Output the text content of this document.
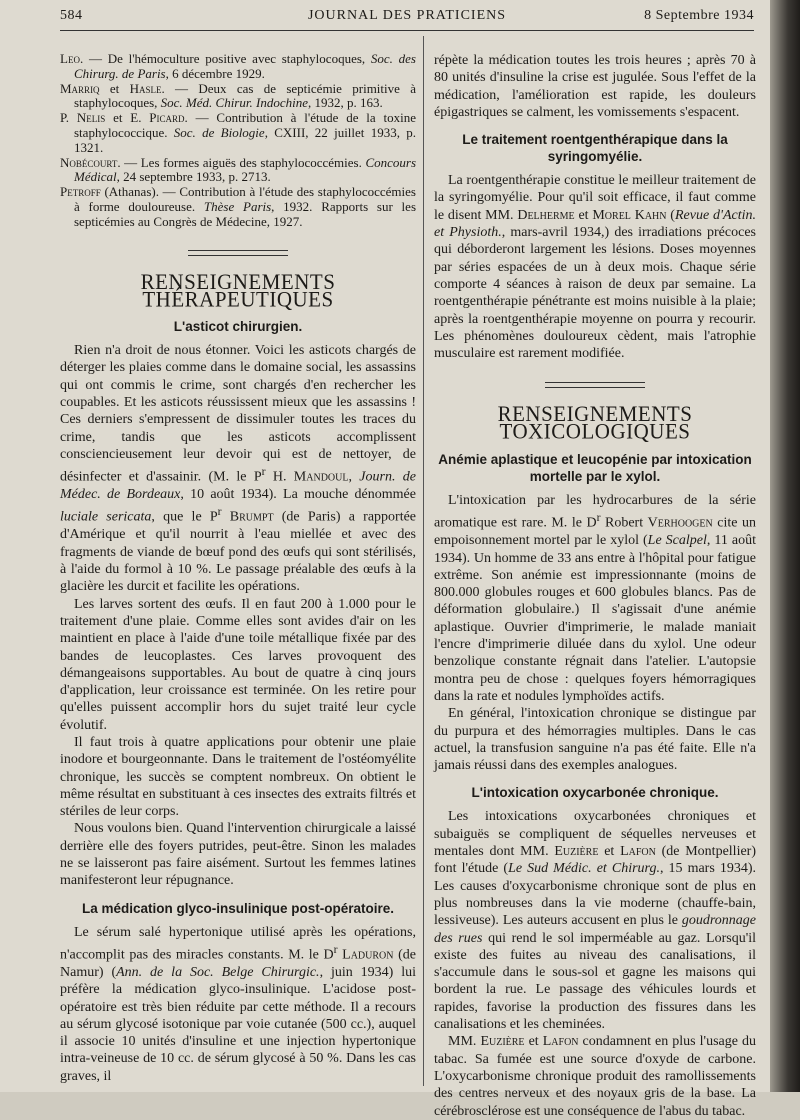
584	JOURNAL DES PRATICIENS	8 Septembre 1934

Leo. — De l'hémoculture positive avec staphylocoques, Soc. des Chirurg. de Paris, 6 décembre 1929.

Marriq et Hasle. — Deux cas de septicémie primitive à staphylocoques, Soc. Méd. Chirur. Indochine, 1932, p. 163.

P. Nelis et E. Picard. — Contribution à l'étude de la toxine staphylococcique. Soc. de Biologie, CXIII, 22 juillet 1933, p. 1321.

Nobécourt. — Les formes aiguës des staphylococcémies. Concours Médical, 24 septembre 1933, p. 2713.

Petroff (Athanas). — Contribution à l'étude des staphylococcémies à forme douloureuse. Thèse Paris, 1932. Rapports sur les septicémies au Congrès de Médecine, 1927.

RENSEIGNEMENTS THÉRAPEUTIQUES
L'asticot chirurgien.

Rien n'a droit de nous étonner. Voici les asticots chargés de déterger les plaies comme dans le domaine social, les assassins qui ont commis le crime, sont chargés d'en rechercher les coupables. Et les asticots réussissent mieux que les assassins ! Ces derniers s'empressent de dissimuler toutes les traces du crime, tandis que les asticots accomplissent consciencieusement leur devoir qui est de nettoyer, de désinfecter et d'assainir. (M. le $P^r$ H. Mandoul, Journ. de Médec. de Bordeaux, 10 août 1934). La mouche dénommée luciale sericata, que le $P^r$ Brumpt (de Paris) a rapportée d'Amérique et qu'il nourrit à l'eau miellée et avec des fragments de viande de bœuf pond des œufs qui sont stérilisés, à l'aide du formol à 10 %. Le passage préalable des œufs à la glacière les durcit et facilite les opérations.

Les larves sortent des œufs. Il en faut 200 à 1.000 pour le traitement d'une plaie. Comme elles sont avides d'air on les maintient en place à l'aide d'une toile métallique fixée par des bandes de leucoplastes. Ces larves provoquent des démangeaisons supportables. Au bout de quatre à cinq jours d'application, leur croissance est terminée. On les retire pour qu'elles puissent accomplir hors du sujet traité leur cycle évolutif.

Il faut trois à quatre applications pour obtenir une plaie inodore et bourgeonnante. Dans le traitement de l'ostéomyélite chronique, les succès se comptent nombreux. On obtient le même résultat en substituant à ces insectes des extraits filtrés et stériles de leur corps.

Nous voulons bien. Quand l'intervention chirurgicale a laissé derrière elle des foyers putrides, peut-être. Sinon les malades ne se laisseront pas faire aisément. Surtout les femmes latines manifesteront leur répugnance.

La médication glyco-insulinique post-opératoire.

Le sérum salé hypertonique utilisé après les opérations, n'accomplit pas des miracles constants. M. le $D^r$ Laduron (de Namur) (Ann. de la Soc. Belge Chirurgic., juin 1934) lui préfère la médication glyco-insulinique. L'acidose post-opératoire est très bien réduite par cette méthode. Il a recours au sérum glycosé isotonique par voie cutanée (500 cc.), auquel il associe 10 unités d'insuline et une injection hypertonique intra-veineuse de 10 cc. de sérum glycosé à 50 %. Dans les cas graves, il

répète la médication toutes les trois heures ; après 70 à 80 unités d'insuline la crise est jugulée. Sous l'effet de la médication, l'amélioration est rapide, les douleurs épigastriques se calment, les vomissements s'espacent.

Le traitement roentgenthérapique dans la syringomyélie.

La roentgenthérapie constitue le meilleur traitement de la syringomyélie. Pour qu'il soit efficace, il faut comme le disent MM. Delherme et Morel Kahn (Revue d'Actin. et Physioth., mars-avril 1934,) des irradiations précoces qui déborderont largement les lésions. Doses moyennes par séries espacées de un à deux mois. Chaque série comporte 4 séances à raison de deux par semaine. La roentgenthérapie pénétrante est moins nuisible à la plaie; après la roentgenthérapie moyenne on pourra y recourir. Les phénomènes douloureux cèdent, mais l'atrophie musculaire est rarement modifiée.

RENSEIGNEMENTS TOXICOLOGIQUES
Anémie aplastique et leucopénie par intoxication mortelle par le xylol.

L'intoxication par les hydrocarbures de la série aromatique est rare. M. le $D^r$ Robert Verhoogen cite un empoisonnement mortel par le xylol (Le Scalpel, 11 août 1934). Un homme de 33 ans entre à l'hôpital pour fatigue extrême. Son anémie est impressionnante (moins de 800.000 globules rouges et 600 globules blancs. Pas de déformation globulaire.) Il s'agissait d'une anémie aplastique. Ouvrier d'imprimerie, le malade maniait l'encre d'imprimerie diluée dans du xylol. Une odeur benzolique constante régnait dans l'atelier. L'autopsie montra peu de chose : quelques foyers hémorragiques dans la rate et nodules lymphoïdes actifs.

En général, l'intoxication chronique se distingue par du purpura et des hémorragies multiples. Dans le cas actuel, la transfusion sanguine n'a pas été faite. Elle n'a jamais réussi dans des exemples analogues.

L'intoxication oxycarbonée chronique.

Les intoxications oxycarbonées chroniques et subaiguës se compliquent de séquelles nerveuses et mentales dont MM. Euzière et Lafon (de Montpellier) font l'étude (Le Sud Médic. et Chirurg., 15 mars 1934). Les causes d'oxycarbonisme chronique sont de plus en plus nombreuses dans la vie moderne (chauffe-bain, lessiveuse). Les auteurs accusent en plus le goudronnage des rues qui rend le sol imperméable au gaz. Lorsqu'il existe des fuites au niveau des canalisations, il s'accumule dans le sous-sol et gagne les maisons qui bordent la rue. Le passage des véhicules lourds et rapides, favorise la production des fissures dans les canalisations et les cheminées.

MM. Euzière et Lafon condamnent en plus l'usage du tabac. Sa fumée est une source d'oxyde de carbone. L'oxycarbonisme chronique produit des ramollissements des centres nerveux et des noyaux gris de la base. La cérébrosclérose est une conséquence de l'abus du tabac.
